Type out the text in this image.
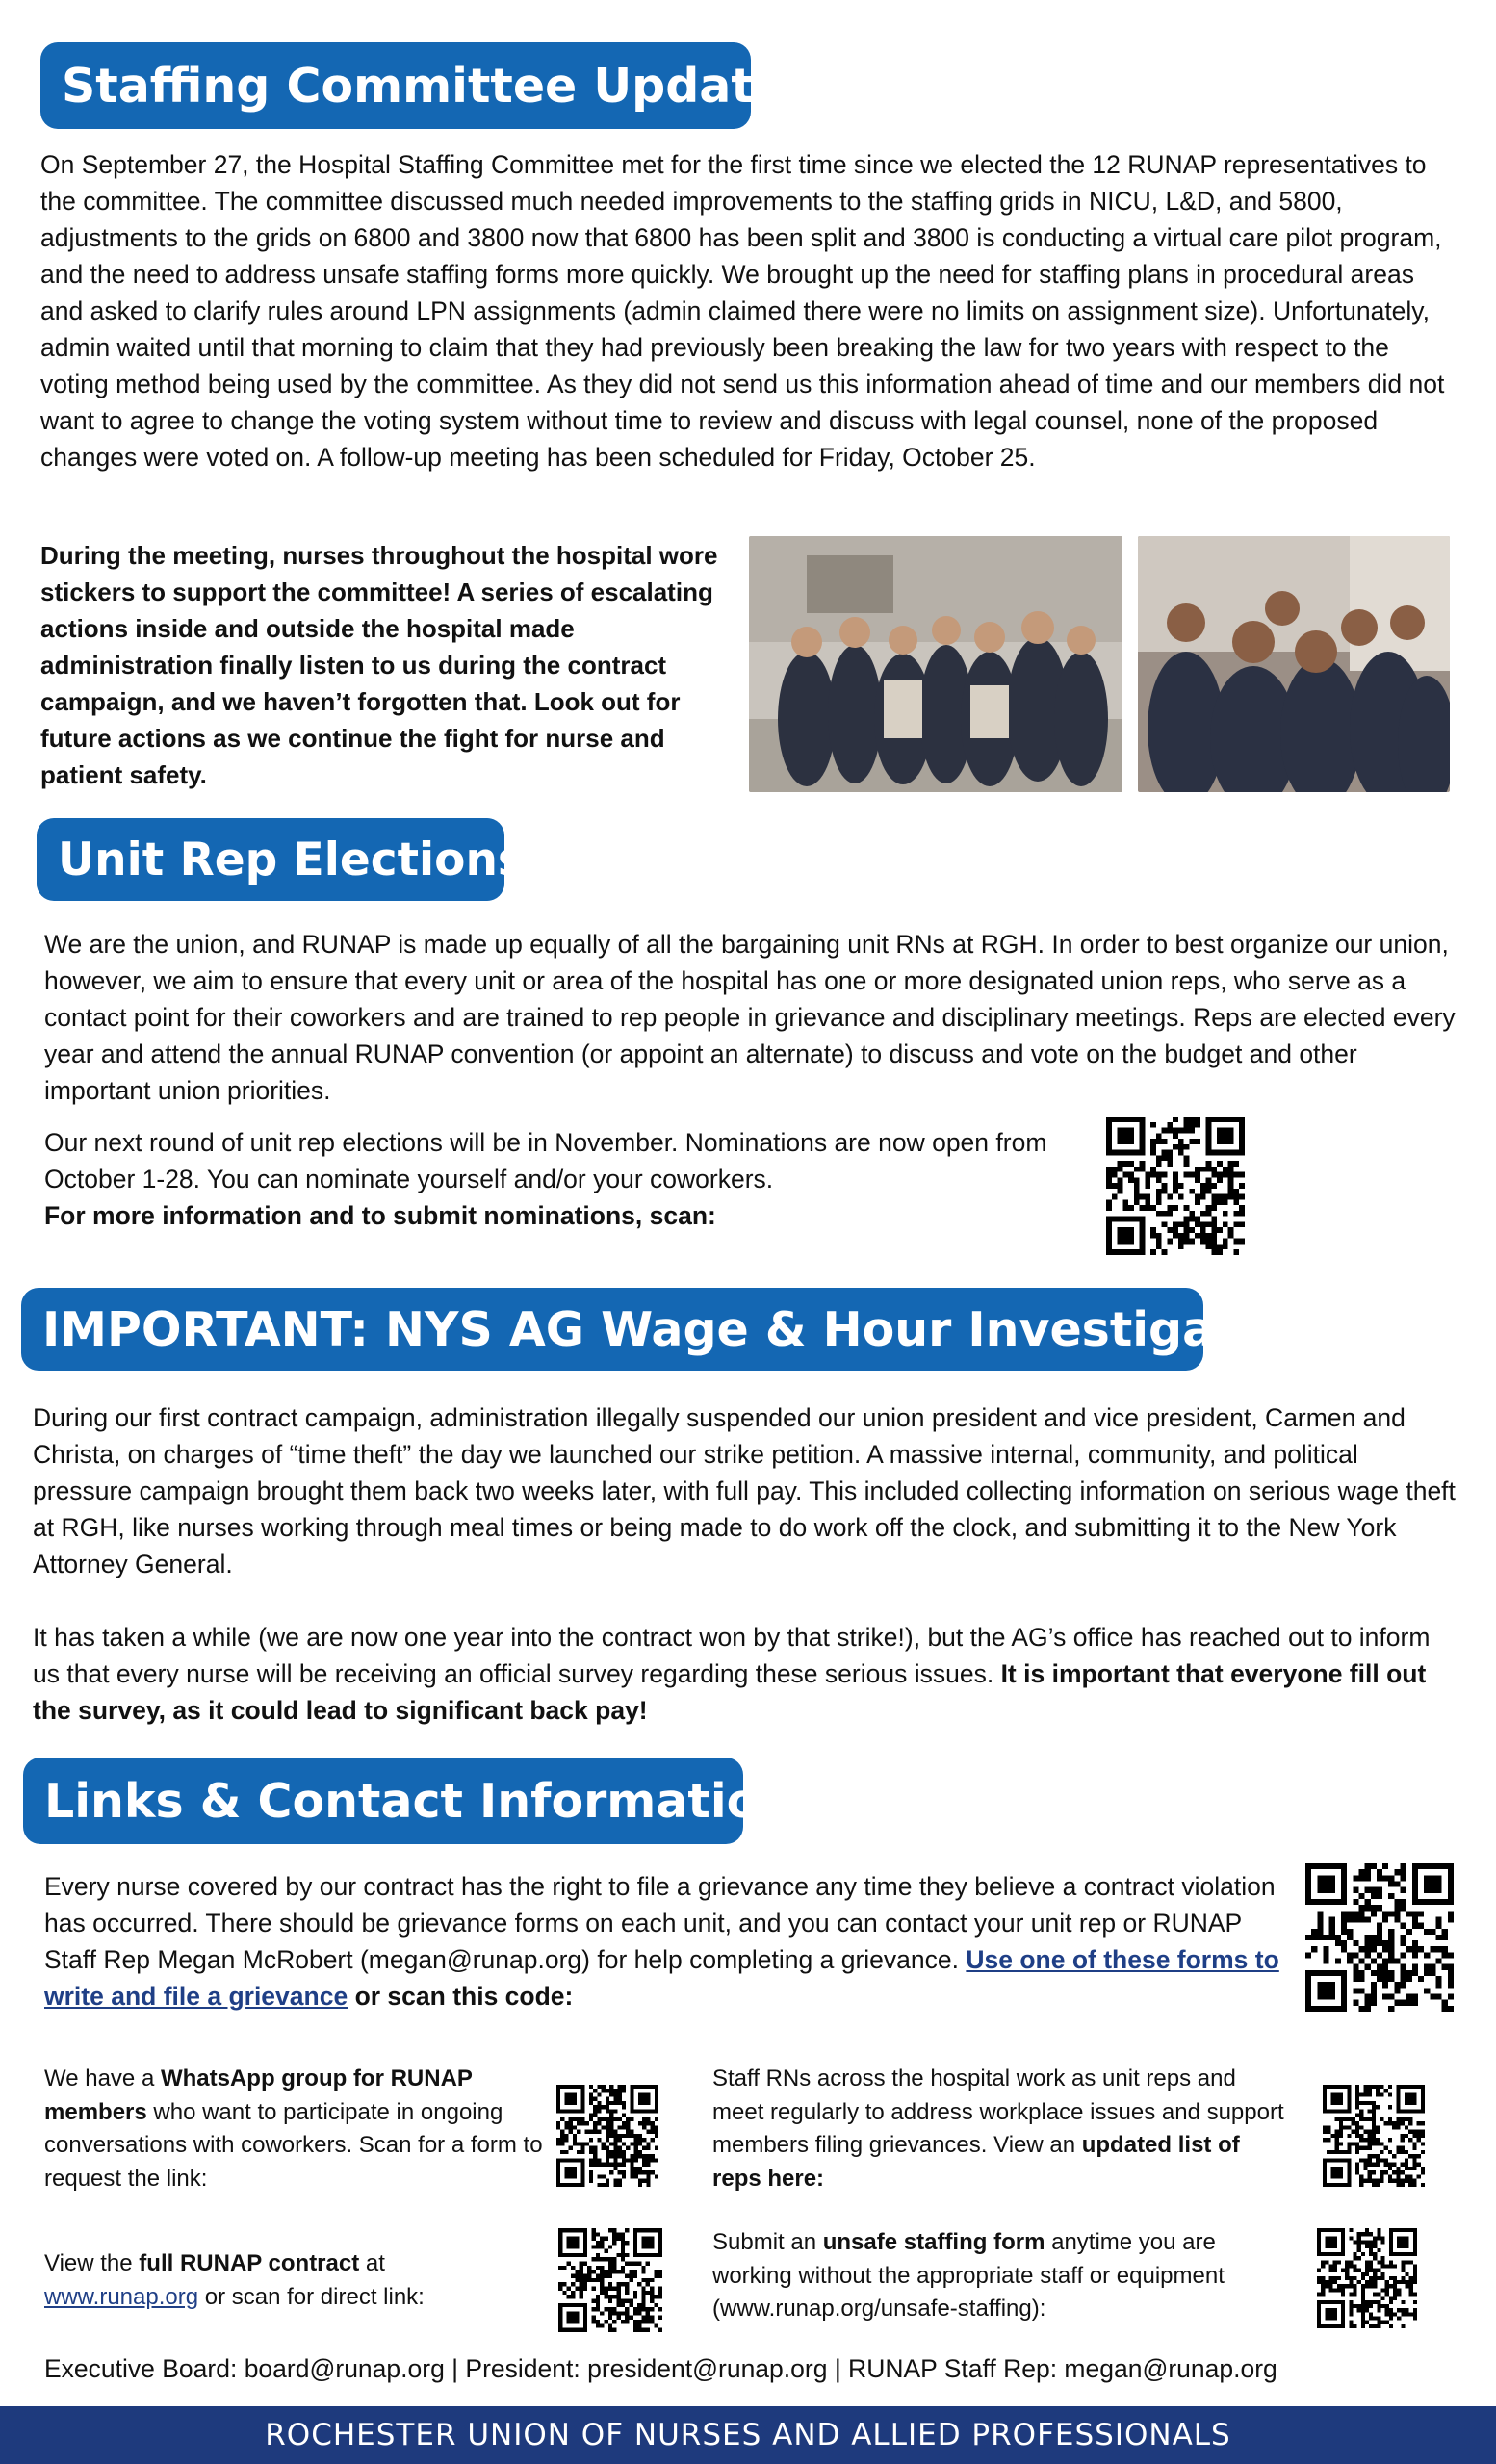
Staffing Committee Update
On September 27, the Hospital Staffing Committee met for the first time since we elected the 12 RUNAP representatives to the committee. The committee discussed much needed improvements to the staffing grids in NICU, L&D, and 5800, adjustments to the grids on 6800 and 3800 now that 6800 has been split and 3800 is conducting a virtual care pilot program, and the need to address unsafe staffing forms more quickly. We brought up the need for staffing plans in procedural areas and asked to clarify rules around LPN assignments (admin claimed there were no limits on assignment size). Unfortunately, admin waited until that morning to claim that they had previously been breaking the law for two years with respect to the voting method being used by the committee. As they did not send us this information ahead of time and our members did not want to agree to change the voting system without time to review and discuss with legal counsel, none of the proposed changes were voted on. A follow-up meeting has been scheduled for Friday, October 25.
During the meeting, nurses throughout the hospital wore stickers to support the committee! A series of escalating actions inside and outside the hospital made administration finally listen to us during the contract campaign, and we haven’t forgotten that. Look out for future actions as we continue the fight for nurse and patient safety.
Unit Rep Elections
We are the union, and RUNAP is made up equally of all the bargaining unit RNs at RGH. In order to best organize our union, however, we aim to ensure that every unit or area of the hospital has one or more designated union reps, who serve as a contact point for their coworkers and are trained to rep people in grievance and disciplinary meetings. Reps are elected every year and attend the annual RUNAP convention (or appoint an alternate) to discuss and vote on the budget and other important union priorities.
Our next round of unit rep elections will be in November. Nominations are now open from October 1-28. You can nominate yourself and/or your coworkers.
For more information and to submit nominations, scan:
IMPORTANT: NYS AG Wage & Hour Investigation
During our first contract campaign, administration illegally suspended our union president and vice president, Carmen and Christa, on charges of “time theft” the day we launched our strike petition. A massive internal, community, and political pressure campaign brought them back two weeks later, with full pay. This included collecting information on serious wage theft at RGH, like nurses working through meal times or being made to do work off the clock, and submitting it to the New York Attorney General.
It has taken a while (we are now one year into the contract won by that strike!), but the AG’s office has reached out to inform us that every nurse will be receiving an official survey regarding these serious issues. It is important that everyone fill out the survey, as it could lead to significant back pay!
Links & Contact Information
Every nurse covered by our contract has the right to file a grievance any time they believe a contract violation has occurred. There should be grievance forms on each unit, and you can contact your unit rep or RUNAP Staff Rep Megan McRobert (megan@runap.org) for help completing a grievance. Use one of these forms to write and file a grievance or scan this code:
We have a WhatsApp group for RUNAP members who want to participate in ongoing conversations with coworkers. Scan for a form to request the link:
Staff RNs across the hospital work as unit reps and meet regularly to address workplace issues and support members filing grievances. View an updated list of reps here:
View the full RUNAP contract at
www.runap.org or scan for direct link:
Submit an unsafe staffing form anytime you are working without the appropriate staff or equipment (www.runap.org/unsafe-staffing):
Executive Board: board@runap.org | President: president@runap.org | RUNAP Staff Rep: megan@runap.org
ROCHESTER UNION OF NURSES AND ALLIED PROFESSIONALS
